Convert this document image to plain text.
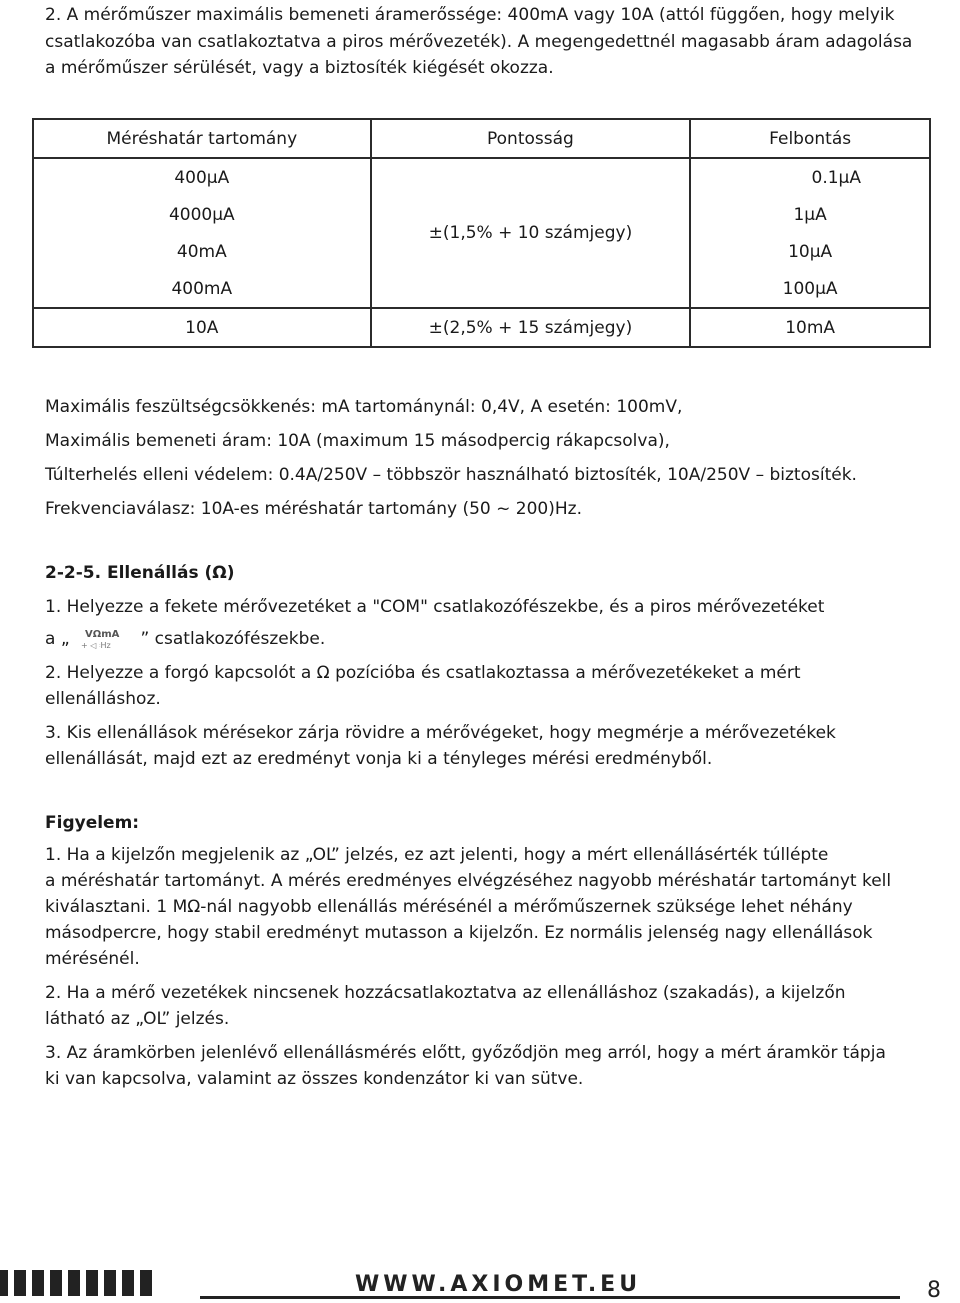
2. A mérőműszer maximális bemeneti áramerőssége: 400mA vagy 10A (attól függően, hogy melyik
csatlakozóba van csatlakoztatva a piros mérővezeték). A megengedettnél magasabb áram adagolása
a mérőműszer sérülését, vagy a biztosíték kiégését okozza.
Méréshatár tartomány	Pontosság	Felbontás
400μA	±(1,5% + 10 számjegy)	0.1μA
4000μA		1μA
40mA		10μA
400mA		100μA
10A	±(2,5% + 15 számjegy)	10mA
Maximális feszültségcsökkenés: mA tartománynál: 0,4V, A esetén: 100mV,
Maximális bemeneti áram: 10A (maximum 15 másodpercig rákapcsolva),
Túlterhelés elleni védelem: 0.4A/250V – többször használható biztosíték, 10A/250V – biztosíték.
Frekvenciaválasz: 10A-es méréshatár tartomány (50 ~ 200)Hz.
2-2-5. Ellenállás (Ω)
1. Helyezze a fekete mérővezetéket a "COM" csatlakozófészekbe, és a piros mérővezetéket
a „ VΩmA
+ ◁ 𝄈Hz ” csatlakozófészekbe.
2. Helyezze a forgó kapcsolót a Ω pozícióba és csatlakoztassa a mérővezetékeket a mért
ellenálláshoz.
3. Kis ellenállások mérésekor zárja rövidre a mérővégeket, hogy megmérje a mérővezetékek
ellenállását, majd ezt az eredményt vonja ki a tényleges mérési eredményből.
Figyelem:
1. Ha a kijelzőn megjelenik az „OL” jelzés, ez azt jelenti, hogy a mért ellenállásérték túllépte
a méréshatár tartományt. A mérés eredményes elvégzéséhez nagyobb méréshatár tartományt kell
kiválasztani. 1 MΩ-nál nagyobb ellenállás mérésénél a mérőműszernek szüksége lehet néhány
másodpercre, hogy stabil eredményt mutasson a kijelzőn. Ez normális jelenség nagy ellenállások
mérésénél.
2. Ha a mérő vezetékek nincsenek hozzácsatlakoztatva az ellenálláshoz (szakadás), a kijelzőn
látható az „OL” jelzés.
3. Az áramkörben jelenlévő ellenállásmérés előtt, győződjön meg arról, hogy a mért áramkör tápja
ki van kapcsolva, valamint az összes kondenzátor ki van sütve.
WWW.AXIOMET.EU	8
